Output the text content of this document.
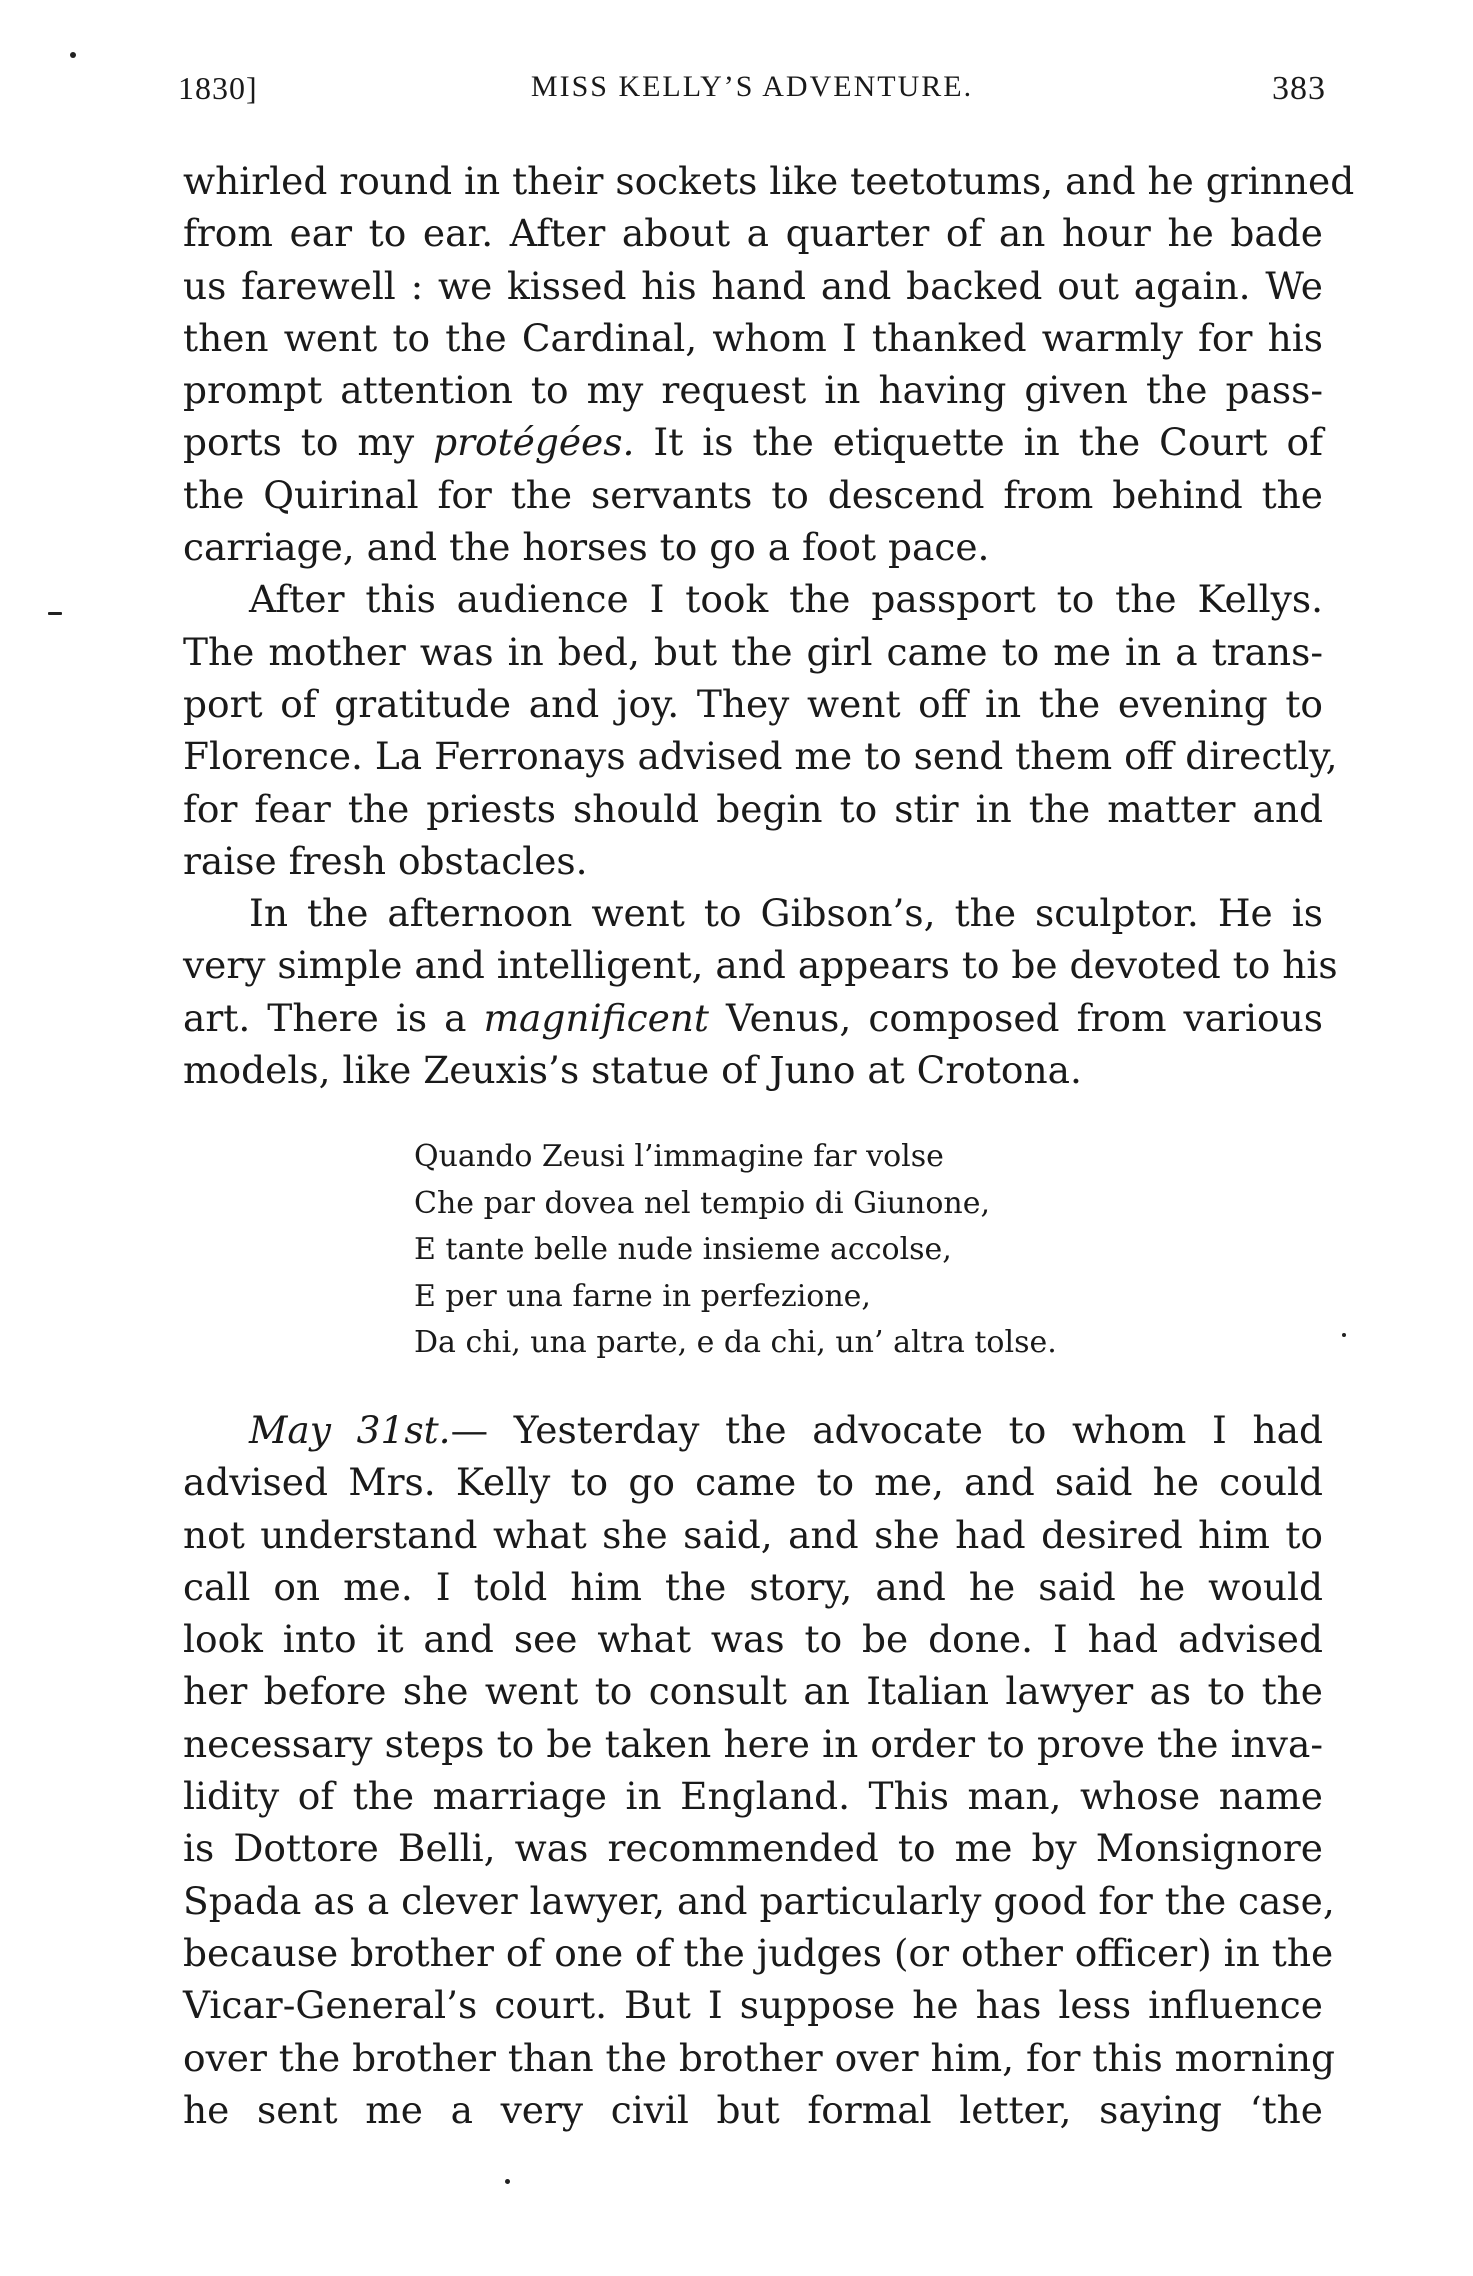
1830]	MISS KELLY’S ADVENTURE.	383
whirled round in their sockets like teetotums, and he grinned
from ear to ear. After about a quarter of an hour he bade
us farewell : we kissed his hand and backed out again. We
then went to the Cardinal, whom I thanked warmly for his
prompt attention to my request in having given the pass-
ports to my protégées. It is the etiquette in the Court of
the Quirinal for the servants to descend from behind the
carriage, and the horses to go a foot pace.
After this audience I took the passport to the Kellys.
The mother was in bed, but the girl came to me in a trans-
port of gratitude and joy. They went off in the evening to
Florence. La Ferronays advised me to send them off directly,
for fear the priests should begin to stir in the matter and
raise fresh obstacles.
In the afternoon went to Gibson’s, the sculptor. He is
very simple and intelligent, and appears to be devoted to his
art. There is a magnificent Venus, composed from various
models, like Zeuxis’s statue of Juno at Crotona.
Quando Zeusi l’immagine far volse
Che par dovea nel tempio di Giunone,
E tante belle nude insieme accolse,
E per una farne in perfezione,
Da chi, una parte, e da chi, un’ altra tolse.
May 31st.— Yesterday the advocate to whom I had
advised Mrs. Kelly to go came to me, and said he could
not understand what she said, and she had desired him to
call on me. I told him the story, and he said he would
look into it and see what was to be done. I had advised
her before she went to consult an Italian lawyer as to the
necessary steps to be taken here in order to prove the inva-
lidity of the marriage in England. This man, whose name
is Dottore Belli, was recommended to me by Monsignore
Spada as a clever lawyer, and particularly good for the case,
because brother of one of the judges (or other officer) in the
Vicar-General’s court. But I suppose he has less influence
over the brother than the brother over him, for this morning
he sent me a very civil but formal letter, saying ‘the
